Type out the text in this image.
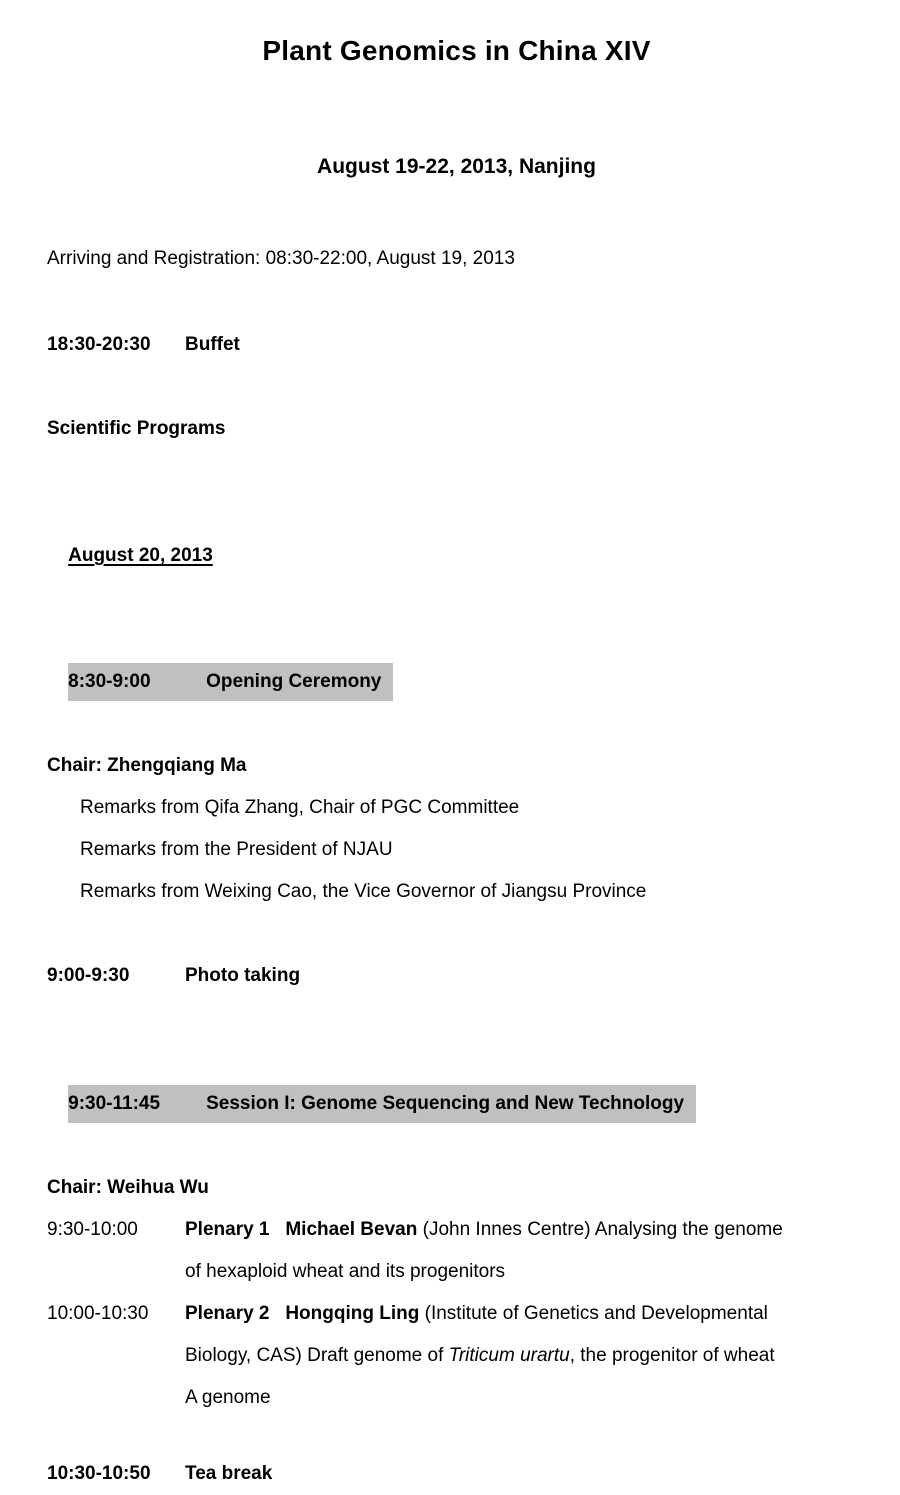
Plant Genomics in China XIV
August 19-22, 2013, Nanjing
Arriving and Registration: 08:30-22:00, August 19, 2013
18:30-20:30	Buffet
Scientific Programs

August 20, 2013

8:30-9:00	Opening Ceremony

Chair: Zhengqiang Ma
Remarks from Qifa Zhang, Chair of PGC Committee
Remarks from the President of NJAU
Remarks from Weixing Cao, the Vice Governor of Jiangsu Province
9:00-9:30	Photo taking

9:30-11:45	Session I: Genome Sequencing and New Technology

Chair: Weihua Wu
9:30-10:00	Plenary 1   Michael Bevan (John Innes Centre) Analysing the genome
of hexaploid wheat and its progenitors
10:00-10:30	Plenary 2   Hongqing Ling (Institute of Genetics and Developmental
Biology, CAS) Draft genome of Triticum urartu, the progenitor of wheat
A genome
10:30-10:50	Tea break
